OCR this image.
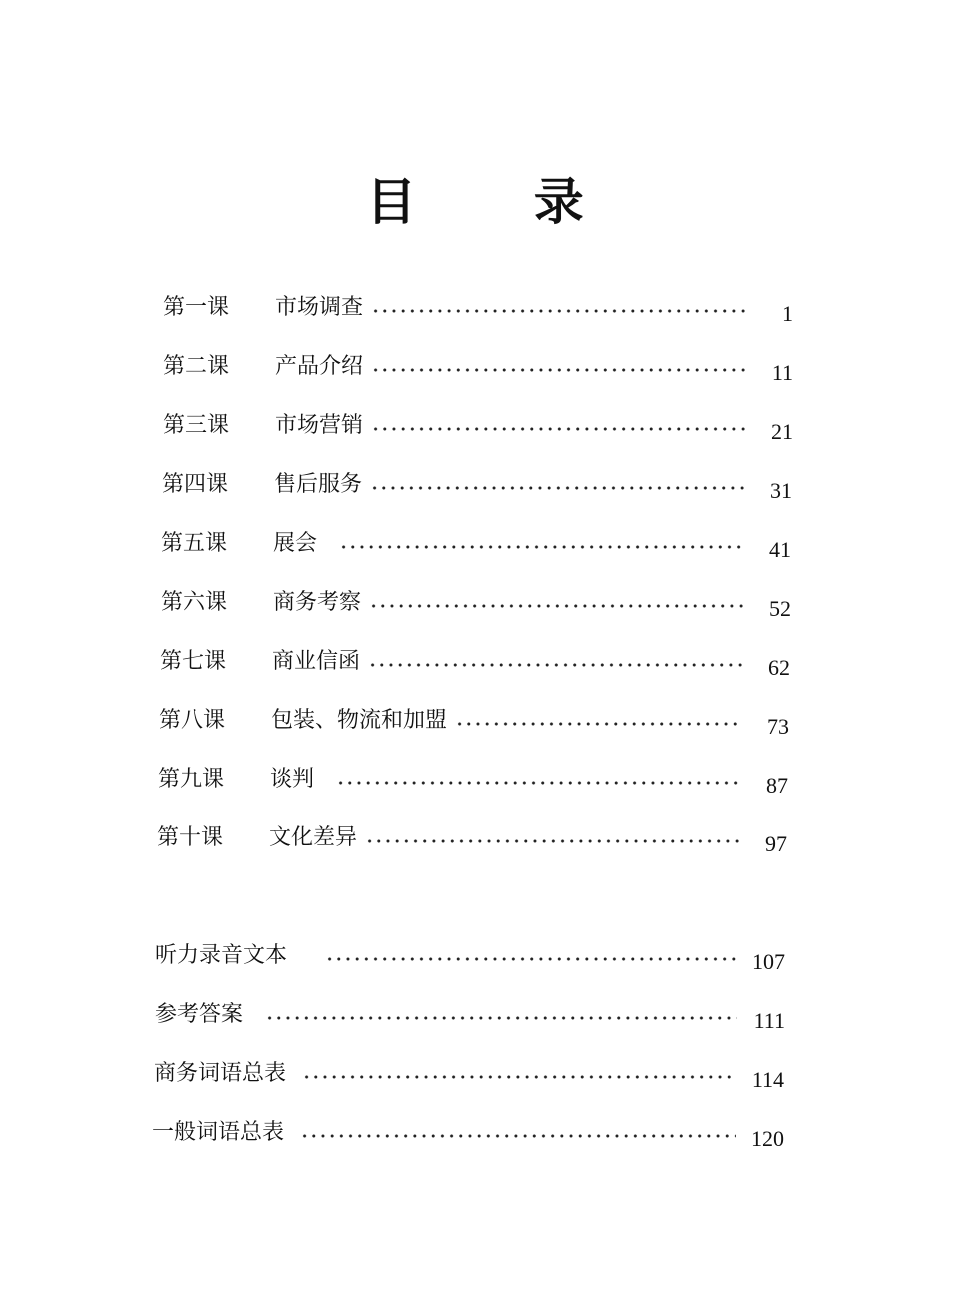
目 录
第一课	市场调查	1
第二课	产品介绍	11
第三课	市场营销	21
第四课	售后服务	31
第五课	展会	41
第六课	商务考察	52
第七课	商业信函	62
第八课	包装、物流和加盟	73
第九课	谈判	87
第十课	文化差异	97
听力录音文本	107
参考答案	111
商务词语总表	114
一般词语总表	120
